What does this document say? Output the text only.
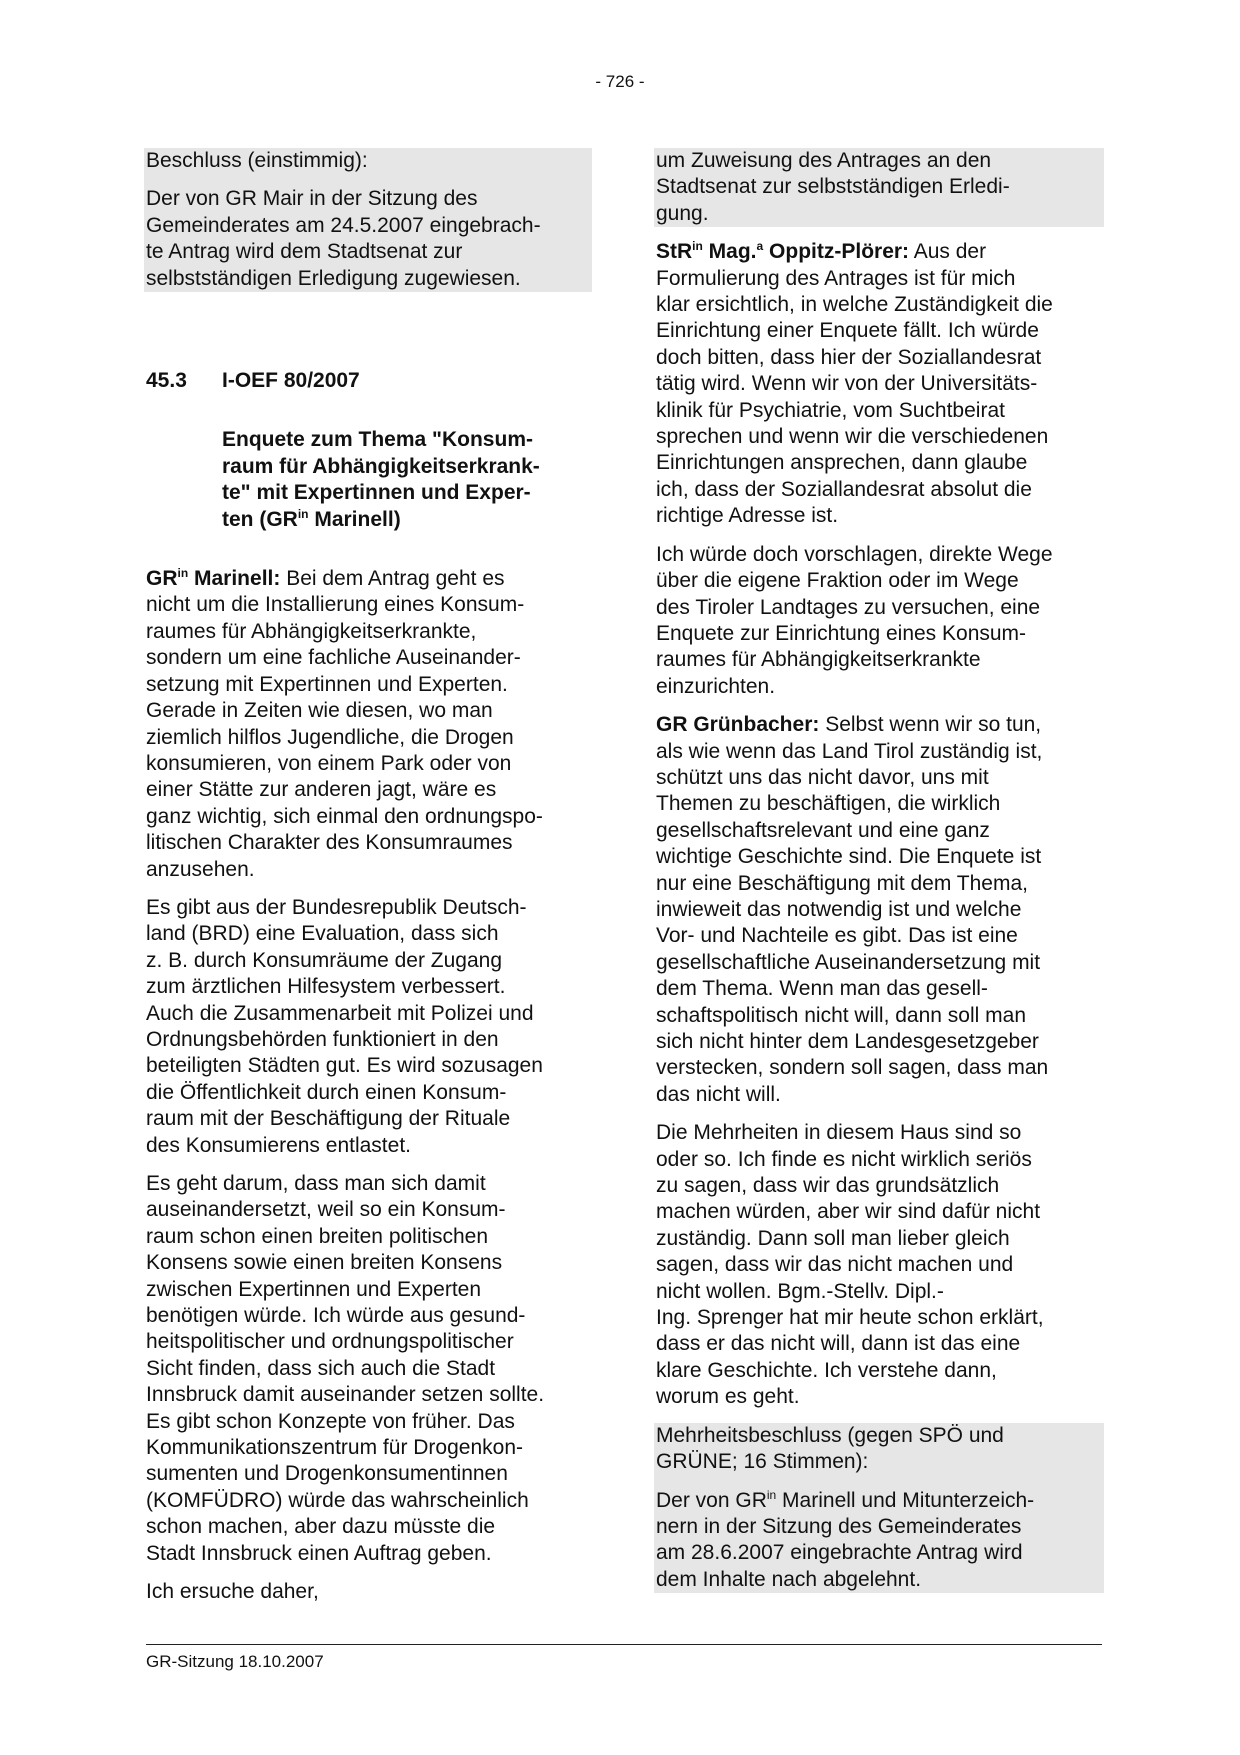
- 726 -

Beschluss (einstimmig):

Der von GR Mair in der Sitzung des
Gemeinderates am 24.5.2007 eingebrach-
te Antrag wird dem Stadtsenat zur
selbstständigen Erledigung zugewiesen.

45.3	I-OEF 80/2007

Enquete zum Thema "Konsum-
raum für Abhängigkeitserkrank-
te" mit Expertinnen und Exper-
ten ($GR^{in}$ Marinell)

$GR^{in}$ Marinell: Bei dem Antrag geht es
nicht um die Installierung eines Konsum-
raumes für Abhängigkeitserkrankte,
sondern um eine fachliche Auseinander-
setzung mit Expertinnen und Experten.
Gerade in Zeiten wie diesen, wo man
ziemlich hilflos Jugendliche, die Drogen
konsumieren, von einem Park oder von
einer Stätte zur anderen jagt, wäre es
ganz wichtig, sich einmal den ordnungspo-
litischen Charakter des Konsumraumes
anzusehen.

Es gibt aus der Bundesrepublik Deutsch-
land (BRD) eine Evaluation, dass sich
z. B. durch Konsumräume der Zugang
zum ärztlichen Hilfesystem verbessert.
Auch die Zusammenarbeit mit Polizei und
Ordnungsbehörden funktioniert in den
beteiligten Städten gut. Es wird sozusagen
die Öffentlichkeit durch einen Konsum-
raum mit der Beschäftigung der Rituale
des Konsumierens entlastet.

Es geht darum, dass man sich damit
auseinandersetzt, weil so ein Konsum-
raum schon einen breiten politischen
Konsens sowie einen breiten Konsens
zwischen Expertinnen und Experten
benötigen würde. Ich würde aus gesund-
heitspolitischer und ordnungspolitischer
Sicht finden, dass sich auch die Stadt
Innsbruck damit auseinander setzen sollte.
Es gibt schon Konzepte von früher. Das
Kommunikationszentrum für Drogenkon-
sumenten und Drogenkonsumentinnen
(KOMFÜDRO) würde das wahrscheinlich
schon machen, aber dazu müsste die
Stadt Innsbruck einen Auftrag geben.

Ich ersuche daher,

um Zuweisung des Antrages an den
Stadtsenat zur selbstständigen Erledi-
gung.

StR$^{in}$ Mag.$^a$ Oppitz-Plörer: Aus der
Formulierung des Antrages ist für mich
klar ersichtlich, in welche Zuständigkeit die
Einrichtung einer Enquete fällt. Ich würde
doch bitten, dass hier der Soziallandesrat
tätig wird. Wenn wir von der Universitäts-
klinik für Psychiatrie, vom Suchtbeirat
sprechen und wenn wir die verschiedenen
Einrichtungen ansprechen, dann glaube
ich, dass der Soziallandesrat absolut die
richtige Adresse ist.

Ich würde doch vorschlagen, direkte Wege
über die eigene Fraktion oder im Wege
des Tiroler Landtages zu versuchen, eine
Enquete zur Einrichtung eines Konsum-
raumes für Abhängigkeitserkrankte
einzurichten.

GR Grünbacher: Selbst wenn wir so tun,
als wie wenn das Land Tirol zuständig ist,
schützt uns das nicht davor, uns mit
Themen zu beschäftigen, die wirklich
gesellschaftsrelevant und eine ganz
wichtige Geschichte sind. Die Enquete ist
nur eine Beschäftigung mit dem Thema,
inwieweit das notwendig ist und welche
Vor- und Nachteile es gibt. Das ist eine
gesellschaftliche Auseinandersetzung mit
dem Thema. Wenn man das gesell-
schaftspolitisch nicht will, dann soll man
sich nicht hinter dem Landesgesetzgeber
verstecken, sondern soll sagen, dass man
das nicht will.

Die Mehrheiten in diesem Haus sind so
oder so. Ich finde es nicht wirklich seriös
zu sagen, dass wir das grundsätzlich
machen würden, aber wir sind dafür nicht
zuständig. Dann soll man lieber gleich
sagen, dass wir das nicht machen und
nicht wollen. Bgm.-Stellv. Dipl.-
Ing. Sprenger hat mir heute schon erklärt,
dass er das nicht will, dann ist das eine
klare Geschichte. Ich verstehe dann,
worum es geht.

Mehrheitsbeschluss (gegen SPÖ und
GRÜNE; 16 Stimmen):

Der von $GR^{in}$ Marinell und Mitunterzeich-
nern in der Sitzung des Gemeinderates
am 28.6.2007 eingebrachte Antrag wird
dem Inhalte nach abgelehnt.

GR-Sitzung 18.10.2007
